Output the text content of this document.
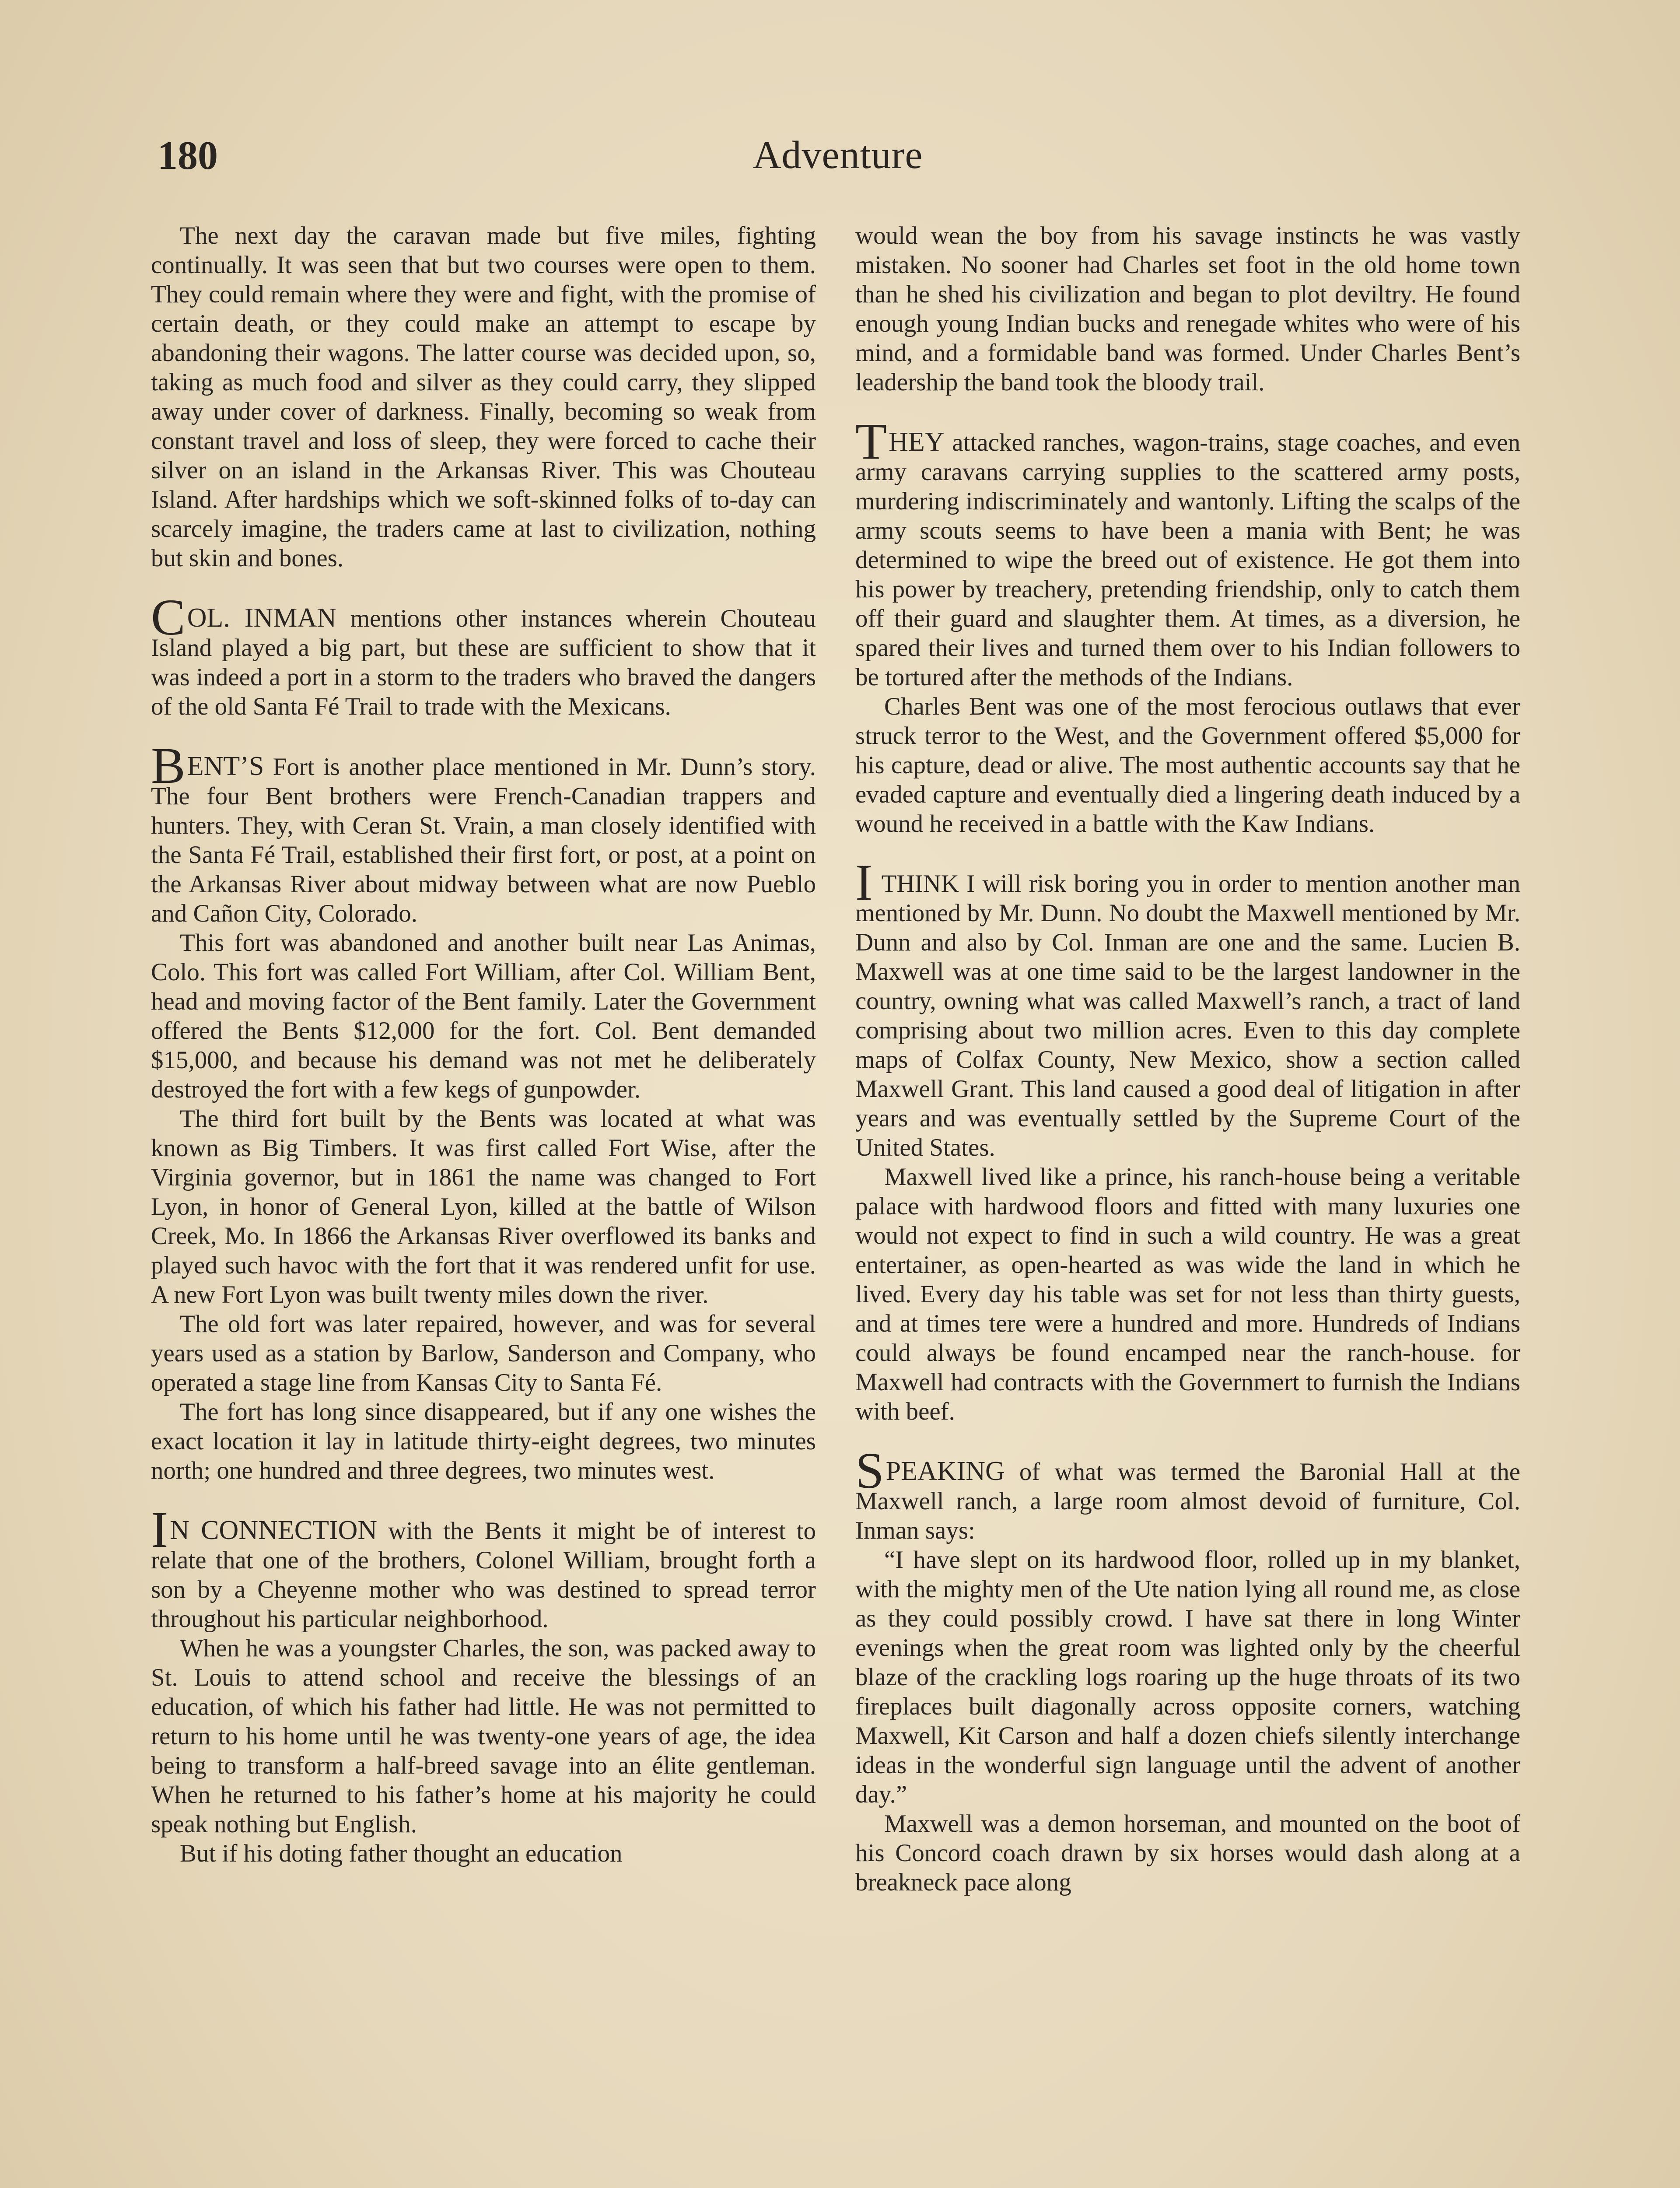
180	Adventure

The next day the caravan made but five miles, fighting continually. It was seen that but two courses were open to them. They could remain where they were and fight, with the promise of certain death, or they could make an attempt to escape by abandoning their wagons. The latter course was decided upon, so, taking as much food and silver as they could carry, they slipped away under cover of darkness. Finally, becoming so weak from constant travel and loss of sleep, they were forced to cache their silver on an island in the Arkansas River. This was Chouteau Island. After hardships which we soft-skinned folks of to-day can scarcely imagine, the traders came at last to civilization, nothing but skin and bones.

COL. INMAN mentions other instances wherein Chouteau Island played a big part, but these are sufficient to show that it was indeed a port in a storm to the traders who braved the dangers of the old Santa Fé Trail to trade with the Mexicans.

BENT’S Fort is another place mentioned in Mr. Dunn’s story. The four Bent brothers were French-Canadian trappers and hunters. They, with Ceran St. Vrain, a man closely identified with the Santa Fé Trail, established their first fort, or post, at a point on the Arkansas River about midway between what are now Pueblo and Cañon City, Colorado.

This fort was abandoned and another built near Las Animas, Colo. This fort was called Fort William, after Col. William Bent, head and moving factor of the Bent family. Later the Government offered the Bents $12,000 for the fort. Col. Bent demanded $15,000, and because his demand was not met he deliberately destroyed the fort with a few kegs of gunpowder.

The third fort built by the Bents was located at what was known as Big Timbers. It was first called Fort Wise, after the Virginia governor, but in 1861 the name was changed to Fort Lyon, in honor of General Lyon, killed at the battle of Wilson Creek, Mo. In 1866 the Arkansas River overflowed its banks and played such havoc with the fort that it was rendered unfit for use. A new Fort Lyon was built twenty miles down the river.

The old fort was later repaired, however, and was for several years used as a station by Barlow, Sanderson and Company, who operated a stage line from Kansas City to Santa Fé.

The fort has long since disappeared, but if any one wishes the exact location it lay in latitude thirty-eight degrees, two minutes north; one hundred and three degrees, two minutes west.

IN CONNECTION with the Bents it might be of interest to relate that one of the brothers, Colonel William, brought forth a son by a Cheyenne mother who was destined to spread terror throughout his particular neighborhood.

When he was a youngster Charles, the son, was packed away to St. Louis to attend school and receive the blessings of an education, of which his father had little. He was not permitted to return to his home until he was twenty-one years of age, the idea being to transform a half-breed savage into an élite gentleman. When he returned to his father’s home at his majority he could speak nothing but English.

But if his doting father thought an education

would wean the boy from his savage instincts he was vastly mistaken. No sooner had Charles set foot in the old home town than he shed his civilization and began to plot deviltry. He found enough young Indian bucks and renegade whites who were of his mind, and a formidable band was formed. Under Charles Bent’s leadership the band took the bloody trail.

THEY attacked ranches, wagon-trains, stage coaches, and even army caravans carrying supplies to the scattered army posts, murdering indiscriminately and wantonly. Lifting the scalps of the army scouts seems to have been a mania with Bent; he was determined to wipe the breed out of existence. He got them into his power by treachery, pretending friendship, only to catch them off their guard and slaughter them. At times, as a diversion, he spared their lives and turned them over to his Indian followers to be tortured after the methods of the Indians.

Charles Bent was one of the most ferocious outlaws that ever struck terror to the West, and the Government offered $5,000 for his capture, dead or alive. The most authentic accounts say that he evaded capture and eventually died a lingering death induced by a wound he received in a battle with the Kaw Indians.

I THINK I will risk boring you in order to mention another man mentioned by Mr. Dunn. No doubt the Maxwell mentioned by Mr. Dunn and also by Col. Inman are one and the same. Lucien B. Maxwell was at one time said to be the largest landowner in the country, owning what was called Maxwell’s ranch, a tract of land comprising about two million acres. Even to this day complete maps of Colfax County, New Mexico, show a section called Maxwell Grant. This land caused a good deal of litigation in after years and was eventually settled by the Supreme Court of the United States.

Maxwell lived like a prince, his ranch-house being a veritable palace with hardwood floors and fitted with many luxuries one would not expect to find in such a wild country. He was a great entertainer, as open-hearted as was wide the land in which he lived. Every day his table was set for not less than thirty guests, and at times tere were a hundred and more. Hundreds of Indians could always be found encamped near the ranch-house. for Maxwell had contracts with the Governmert to furnish the Indians with beef.

SPEAKING of what was termed the Baronial Hall at the Maxwell ranch, a large room almost devoid of furniture, Col. Inman says:

“I have slept on its hardwood floor, rolled up in my blanket, with the mighty men of the Ute nation lying all round me, as close as they could possibly crowd. I have sat there in long Winter evenings when the great room was lighted only by the cheerful blaze of the crackling logs roaring up the huge throats of its two fireplaces built diagonally across opposite corners, watching Maxwell, Kit Carson and half a dozen chiefs silently interchange ideas in the wonderful sign language until the advent of another day.”

Maxwell was a demon horseman, and mounted on the boot of his Concord coach drawn by six horses would dash along at a breakneck pace along
